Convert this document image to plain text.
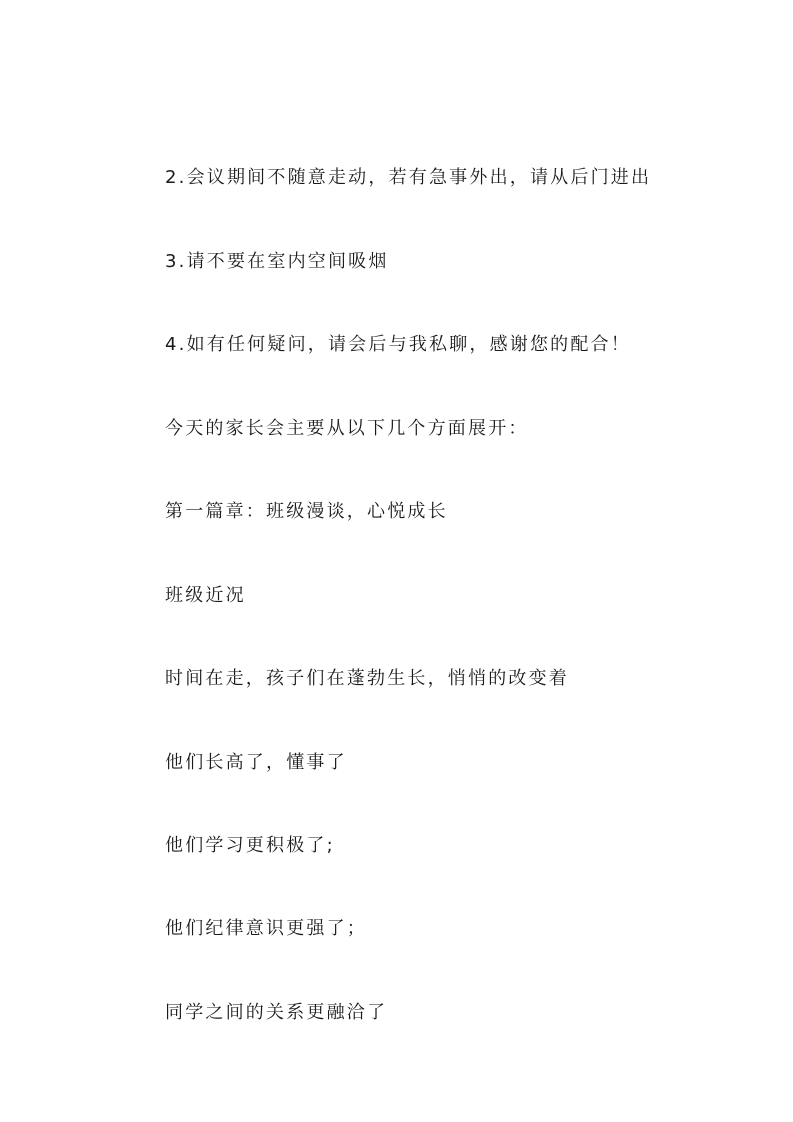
2.会议期间不随意走动，若有急事外出，请从后门进出

3.请不要在室内空间吸烟

4.如有任何疑问，请会后与我私聊，感谢您的配合！

今天的家长会主要从以下几个方面展开：

第一篇章：班级漫谈，心悦成长

班级近况

时间在走，孩子们在蓬勃生长，悄悄的改变着

他们长高了，懂事了

他们学习更积极了;

他们纪律意识更强了；

同学之间的关系更融洽了
